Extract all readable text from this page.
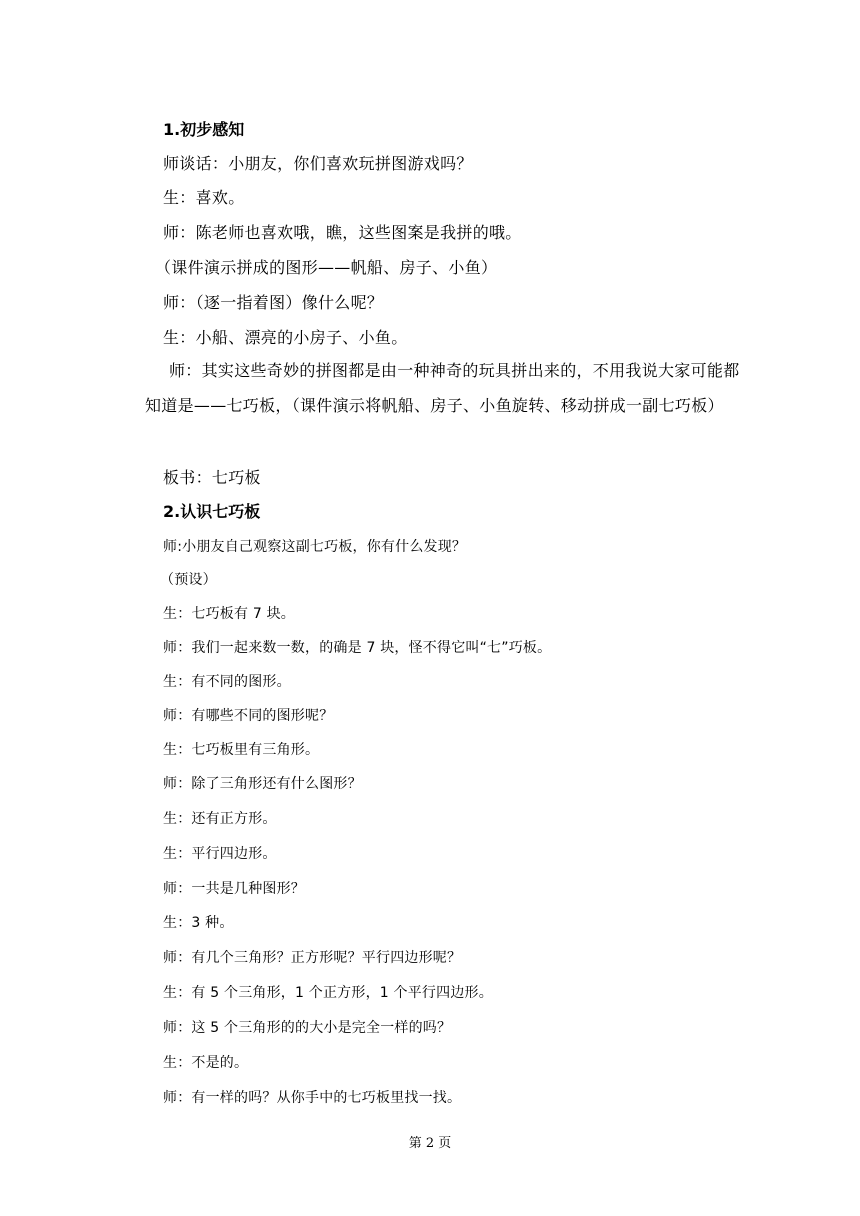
1.初步感知
师谈话：小朋友，你们喜欢玩拼图游戏吗？
生：喜欢。
师：陈老师也喜欢哦，瞧，这些图案是我拼的哦。
（课件演示拼成的图形——帆船、房子、小鱼）
师：（逐一指着图）像什么呢？
生：小船、漂亮的小房子、小鱼。

师：其实这些奇妙的拼图都是由一种神奇的玩具拼出来的，不用我说大家可能都知道是——七巧板，（课件演示将帆船、房子、小鱼旋转、移动拼成一副七巧板）

板书：七巧板
2.认识七巧板
师:小朋友自己观察这副七巧板，你有什么发现？
（预设）
生：七巧板有 7 块。
师：我们一起来数一数，的确是 7 块，怪不得它叫“七”巧板。
生：有不同的图形。
师：有哪些不同的图形呢？
生：七巧板里有三角形。
师：除了三角形还有什么图形？
生：还有正方形。
生：平行四边形。
师：一共是几种图形？
生：3 种。
师：有几个三角形？正方形呢？平行四边形呢？
生：有 5 个三角形，1 个正方形，1 个平行四边形。
师：这 5 个三角形的的大小是完全一样的吗？
生：不是的。
师：有一样的吗？从你手中的七巧板里找一找。
第 2 页
